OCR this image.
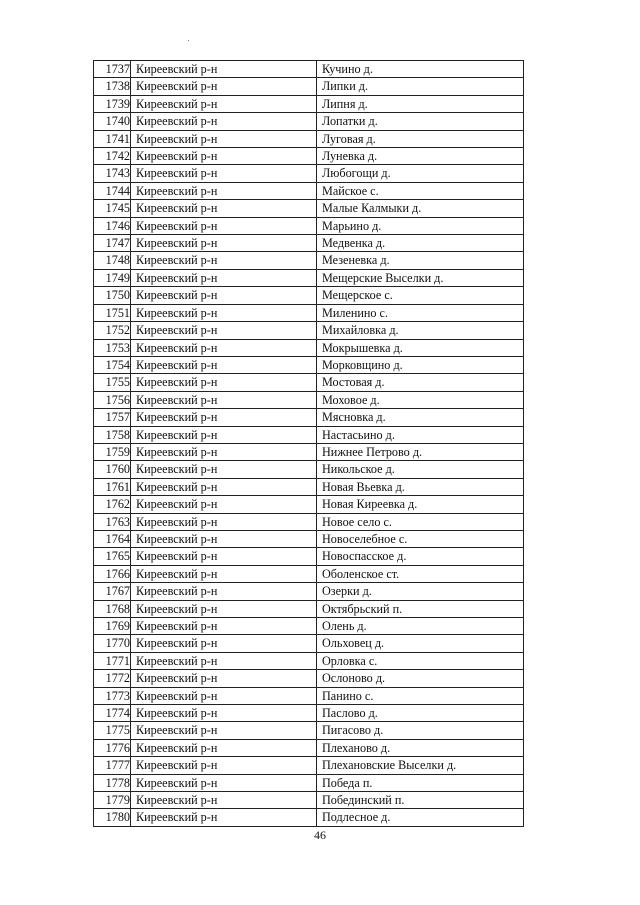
1737	Киреевский р-н	Кучино д.
1738	Киреевский р-н	Липки д.
1739	Киреевский р-н	Липня д.
1740	Киреевский р-н	Лопатки д.
1741	Киреевский р-н	Луговая д.
1742	Киреевский р-н	Луневка д.
1743	Киреевский р-н	Любогощи д.
1744	Киреевский р-н	Майское с.
1745	Киреевский р-н	Малые Калмыки д.
1746	Киреевский р-н	Марьино д.
1747	Киреевский р-н	Медвенка д.
1748	Киреевский р-н	Мезеневка д.
1749	Киреевский р-н	Мещерские Выселки д.
1750	Киреевский р-н	Мещерское с.
1751	Киреевский р-н	Миленино с.
1752	Киреевский р-н	Михайловка д.
1753	Киреевский р-н	Мокрышевка д.
1754	Киреевский р-н	Морковщино д.
1755	Киреевский р-н	Мостовая д.
1756	Киреевский р-н	Моховое д.
1757	Киреевский р-н	Мясновка д.
1758	Киреевский р-н	Настасьино д.
1759	Киреевский р-н	Нижнее Петрово д.
1760	Киреевский р-н	Никольское д.
1761	Киреевский р-н	Новая Вьевка д.
1762	Киреевский р-н	Новая Киреевка д.
1763	Киреевский р-н	Новое село с.
1764	Киреевский р-н	Новоселебное с.
1765	Киреевский р-н	Новоспасское д.
1766	Киреевский р-н	Оболенское ст.
1767	Киреевский р-н	Озерки д.
1768	Киреевский р-н	Октябрьский п.
1769	Киреевский р-н	Олень д.
1770	Киреевский р-н	Ольховец д.
1771	Киреевский р-н	Орловка с.
1772	Киреевский р-н	Ослоново д.
1773	Киреевский р-н	Панино с.
1774	Киреевский р-н	Паслово д.
1775	Киреевский р-н	Пигасово д.
1776	Киреевский р-н	Плеханово д.
1777	Киреевский р-н	Плехановские Выселки д.
1778	Киреевский р-н	Победа п.
1779	Киреевский р-н	Побединский п.
1780	Киреевский р-н	Подлесное д.
46
